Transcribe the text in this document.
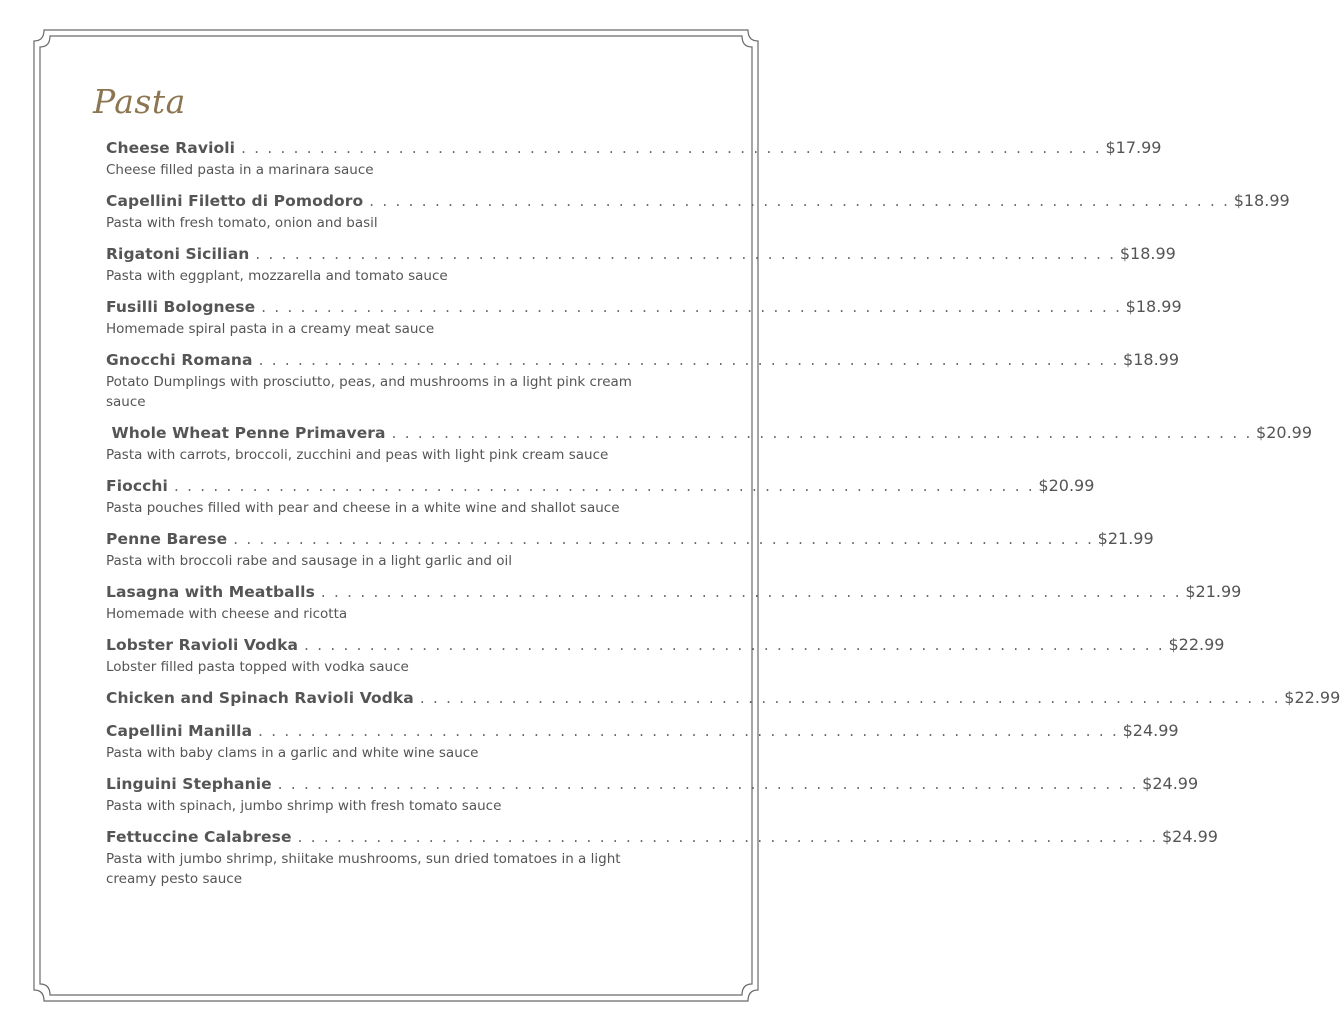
Pasta
Cheese Ravioli . . . . . . . . . . . . . . . . . . . . . . . . . . . . . . . . . . . . . . . . . . . . . . . . . . . . . . . . . . . . . . . . . . $17.99
Cheese filled pasta in a marinara sauce
Capellini Filetto di Pomodoro . . . . . . . . . . . . . . . . . . . . . . . . . . . . . . . . . . . . . . . . . . . . . . . . . . . . . . . . . . . . . . . . . . $18.99
Pasta with fresh tomato, onion and basil
Rigatoni Sicilian . . . . . . . . . . . . . . . . . . . . . . . . . . . . . . . . . . . . . . . . . . . . . . . . . . . . . . . . . . . . . . . . . . $18.99
Pasta with eggplant, mozzarella and tomato sauce
Fusilli Bolognese . . . . . . . . . . . . . . . . . . . . . . . . . . . . . . . . . . . . . . . . . . . . . . . . . . . . . . . . . . . . . . . . . . $18.99
Homemade spiral pasta in a creamy meat sauce
Gnocchi Romana . . . . . . . . . . . . . . . . . . . . . . . . . . . . . . . . . . . . . . . . . . . . . . . . . . . . . . . . . . . . . . . . . . $18.99
Potato Dumplings with prosciutto, peas, and mushrooms in a light pink cream sauce
Whole Wheat Penne Primavera . . . . . . . . . . . . . . . . . . . . . . . . . . . . . . . . . . . . . . . . . . . . . . . . . . . . . . . . . . . . . . . . . . $20.99
Pasta with carrots, broccoli, zucchini and peas with light pink cream sauce
Fiocchi . . . . . . . . . . . . . . . . . . . . . . . . . . . . . . . . . . . . . . . . . . . . . . . . . . . . . . . . . . . . . . . . . . $20.99
Pasta pouches filled with pear and cheese in a white wine and shallot sauce
Penne Barese . . . . . . . . . . . . . . . . . . . . . . . . . . . . . . . . . . . . . . . . . . . . . . . . . . . . . . . . . . . . . . . . . . $21.99
Pasta with broccoli rabe and sausage in a light garlic and oil
Lasagna with Meatballs . . . . . . . . . . . . . . . . . . . . . . . . . . . . . . . . . . . . . . . . . . . . . . . . . . . . . . . . . . . . . . . . . . $21.99
Homemade with cheese and ricotta
Lobster Ravioli Vodka . . . . . . . . . . . . . . . . . . . . . . . . . . . . . . . . . . . . . . . . . . . . . . . . . . . . . . . . . . . . . . . . . . $22.99
Lobster filled pasta topped with vodka sauce
Chicken and Spinach Ravioli Vodka . . . . . . . . . . . . . . . . . . . . . . . . . . . . . . . . . . . . . . . . . . . . . . . . . . . . . . . . . . . . . . . . . . $22.99
Capellini Manilla . . . . . . . . . . . . . . . . . . . . . . . . . . . . . . . . . . . . . . . . . . . . . . . . . . . . . . . . . . . . . . . . . . $24.99
Pasta with baby clams in a garlic and white wine sauce
Linguini Stephanie . . . . . . . . . . . . . . . . . . . . . . . . . . . . . . . . . . . . . . . . . . . . . . . . . . . . . . . . . . . . . . . . . . $24.99
Pasta with spinach, jumbo shrimp with fresh tomato sauce
Fettuccine Calabrese . . . . . . . . . . . . . . . . . . . . . . . . . . . . . . . . . . . . . . . . . . . . . . . . . . . . . . . . . . . . . . . . . . $24.99
Pasta with jumbo shrimp, shiitake mushrooms, sun dried tomatoes in a light creamy pesto sauce
